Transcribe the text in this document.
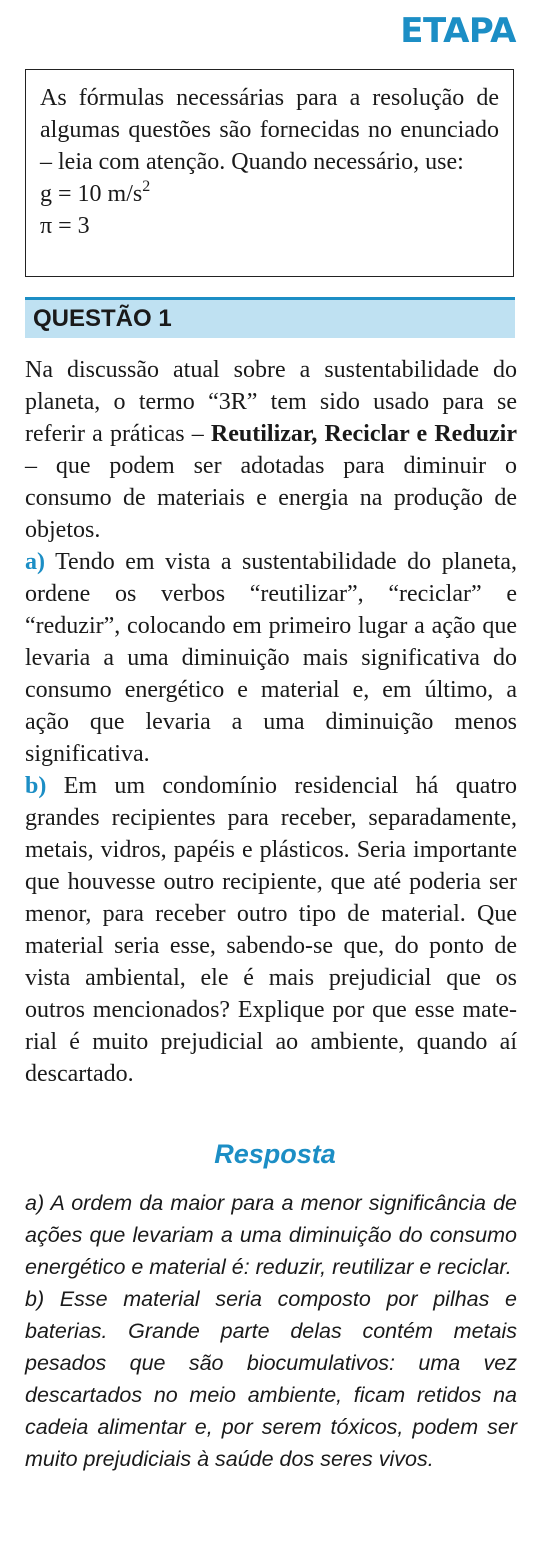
ETAPA
As fórmulas necessárias para a resolução de algumas questões são fornecidas no enunciado – leia com atenção. Quando necessário, use:
g = 10 $m/s^2$
π = 3
QUESTÃO 1

Na discussão atual sobre a sustentabilidade do planeta, o termo “3R” tem sido usado para se referir a práticas – Reutilizar, Reciclar e Reduzir – que podem ser adotadas para diminuir o consumo de materiais e energia na produção de objetos.

a) Tendo em vista a sustentabilidade do planeta, ordene os verbos “reutilizar”, “reciclar” e “reduzir”, colocando em primeiro lugar a ação que levaria a uma diminuição mais significativa do consumo energético e material e, em último, a ação que levaria a uma diminuição menos significativa.

b) Em um condomínio residencial há quatro grandes recipientes para receber, separadamente, metais, vidros, papéis e plásticos. Seria importante que houvesse outro recipiente, que até poderia ser menor, para receber outro tipo de material. Que material seria esse, sabendo-se que, do ponto de vista ambiental, ele é mais prejudicial que os outros mencionados? Explique por que esse material é muito prejudicial ao ambiente, quando aí descartado.

Resposta

a) A ordem da maior para a menor significância de ações que levariam a uma diminuição do consumo energético e material é: reduzir, reutilizar e reciclar.

b) Esse material seria composto por pilhas e baterias. Grande parte delas contém metais pesados que são biocumulativos: uma vez descartados no meio ambiente, ficam retidos na cadeia alimentar e, por serem tóxicos, podem ser muito prejudiciais à saúde dos seres vivos.
